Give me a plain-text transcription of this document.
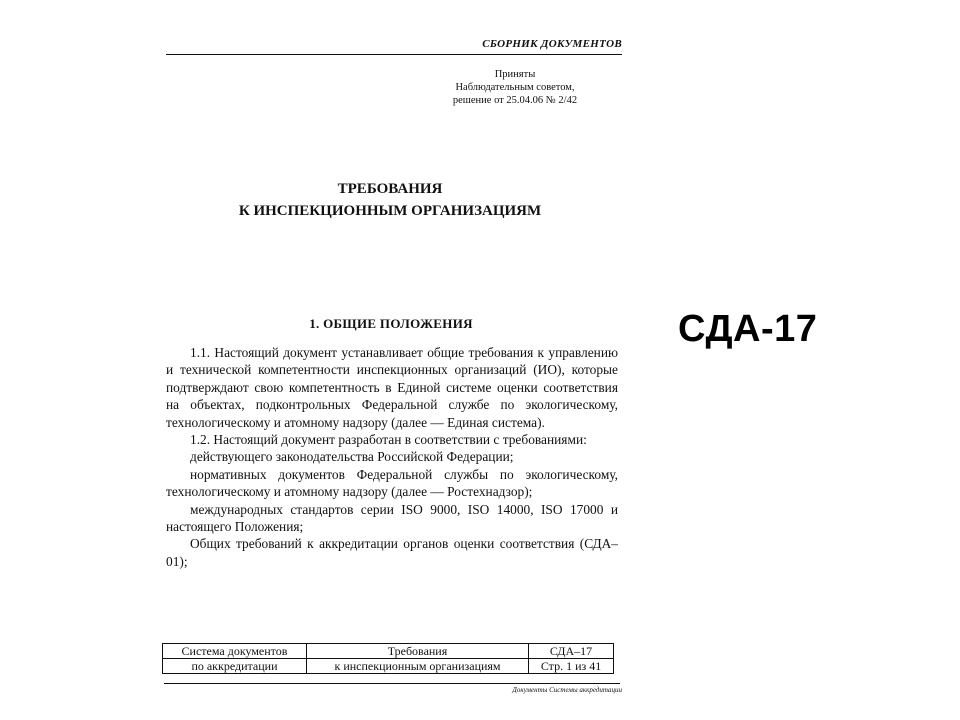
СБОРНИК ДОКУМЕНТОВ
Приняты
Наблюдательным советом,
решение от 25.04.06 № 2/42
ТРЕБОВАНИЯ
К ИНСПЕКЦИОННЫМ ОРГАНИЗАЦИЯМ
1. ОБЩИЕ ПОЛОЖЕНИЯ

1.1. Настоящий документ устанавливает общие требования к управлению и технической компетентности инспекционных организаций (ИО), которые подтверждают свою компетентность в Единой системе оценки соответствия на объектах, подконтрольных Федеральной службе по экологическому, технологическому и атомному надзору (далее — Единая система).

1.2. Настоящий документ разработан в соответствии с требованиями:

действующего законодательства Российской Федерации;

нормативных документов Федеральной службы по экологическому, технологическому и атомному надзору (далее — Ростехнадзор);

международных стандартов серии ISO 9000, ISO 14000, ISO 17000 и настоящего Положения;

Общих требований к аккредитации органов оценки соответствия (СДА–01);

Система документов	Требования	СДА–17
по аккредитации	к инспекционным организациям	Стр. 1 из 41
Документы Системы аккредитации
СДА-17
